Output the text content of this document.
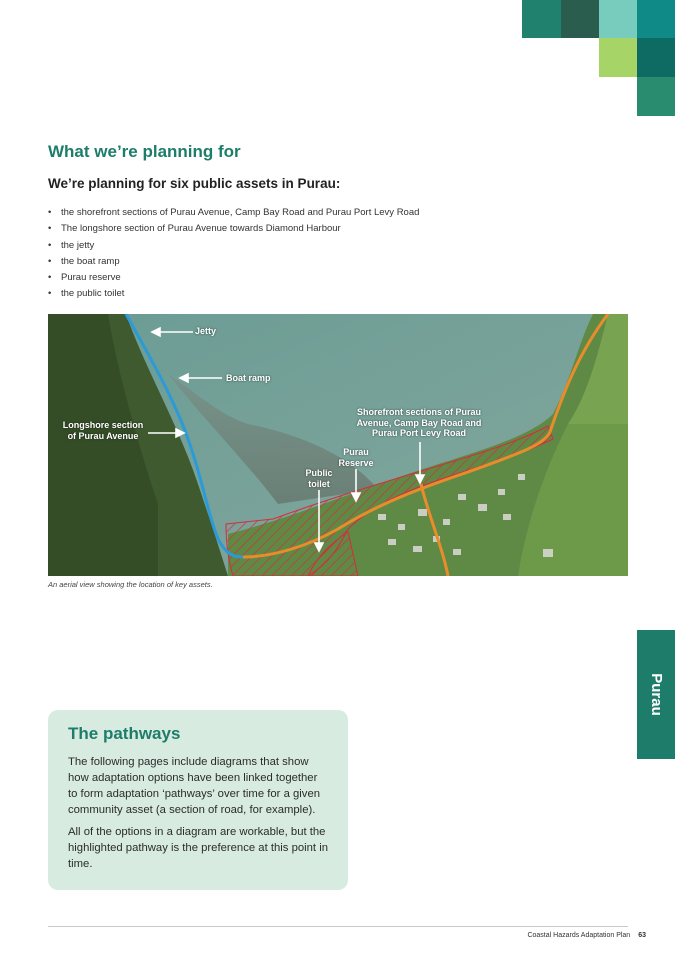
What we’re planning for
We’re planning for six public assets in Purau:
• the shorefront sections of Purau Avenue, Camp Bay Road and Purau Port Levy Road
• The longshore section of Purau Avenue towards Diamond Harbour
• the jetty
• the boat ramp
• Purau reserve
• the public toilet
Jetty
Boat ramp
Longshore section of Purau Avenue
Shorefront sections of Purau Avenue, Camp Bay Road and Purau Port Levy Road
Purau Reserve
Public toilet

An aerial view showing the location of key assets.

Purau
The pathways

The following pages include diagrams that show how adaptation options have been linked together to form adaptation ‘pathways’ over time for a given community asset (a section of road, for example).

All of the options in a diagram are workable, but the highlighted pathway is the preference at this point in time.

Coastal Hazards Adaptation Plan 63
